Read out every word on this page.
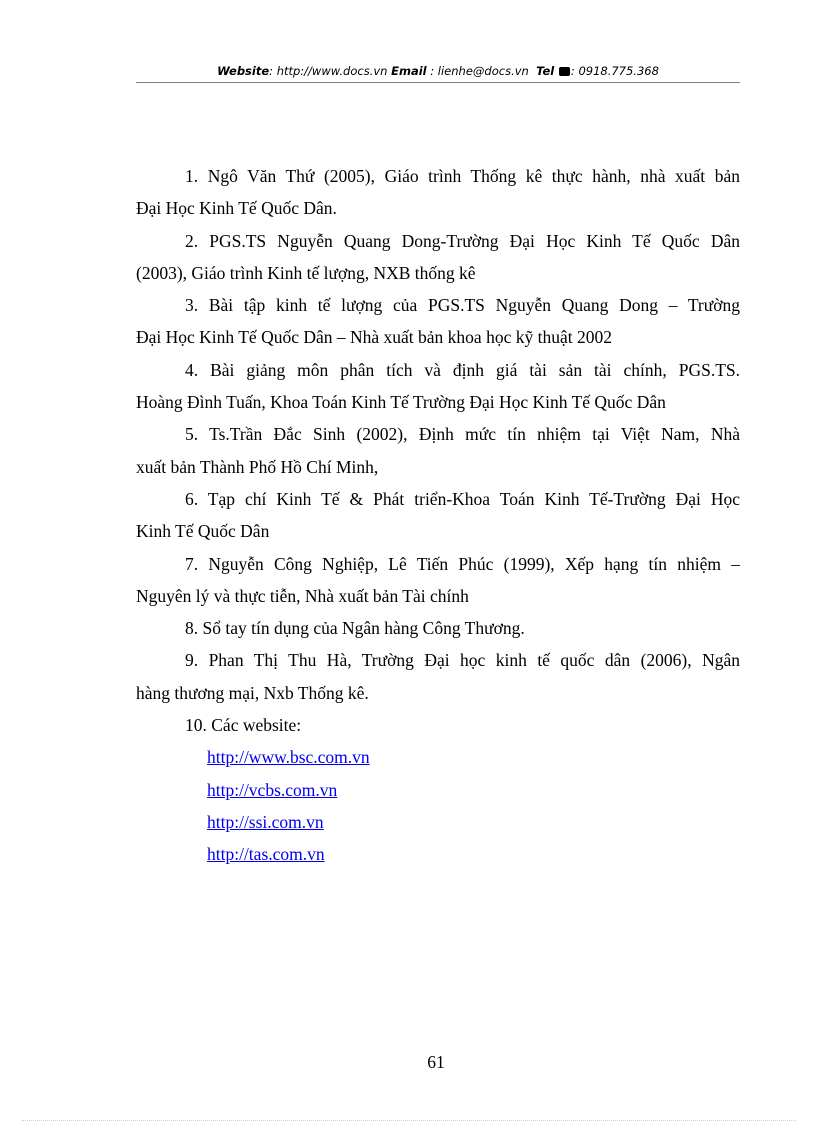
Website: http://www.docs.vn Email : lienhe@docs.vn Tel : 0918.775.368

1. Ngô Văn Thứ (2005), Giáo trình Thống kê thực hành, nhà xuất bản
Đại Học Kinh Tế Quốc Dân.

2. PGS.TS Nguyễn Quang Dong-Trường Đại Học Kinh Tế Quốc Dân
(2003), Giáo trình Kinh tế lượng, NXB thống kê

3. Bài tập kinh tế lượng của PGS.TS Nguyễn Quang Dong – Trường
Đại Học Kinh Tế Quốc Dân – Nhà xuất bản khoa học kỹ thuật 2002

4. Bài giảng môn phân tích và định giá tài sản tài chính, PGS.TS.
Hoàng Đình Tuấn, Khoa Toán Kinh Tế Trường Đại Học Kinh Tế Quốc Dân

5. Ts.Trần Đắc Sinh (2002), Định mức tín nhiệm tại Việt Nam, Nhà
xuất bản Thành Phố Hồ Chí Minh,

6. Tạp chí Kinh Tế & Phát triển-Khoa Toán Kinh Tế-Trường Đại Học
Kinh Tế Quốc Dân

7. Nguyễn Công Nghiệp, Lê Tiến Phúc (1999), Xếp hạng tín nhiệm –
Nguyên lý và thực tiễn, Nhà xuất bản Tài chính

8. Sổ tay tín dụng của Ngân hàng Công Thương.

9. Phan Thị Thu Hà, Trường Đại học kinh tế quốc dân (2006), Ngân
hàng thương mại, Nxb Thống kê.

10. Các website:

http://www.bsc.com.vn
http://vcbs.com.vn
http://ssi.com.vn
http://tas.com.vn
61
